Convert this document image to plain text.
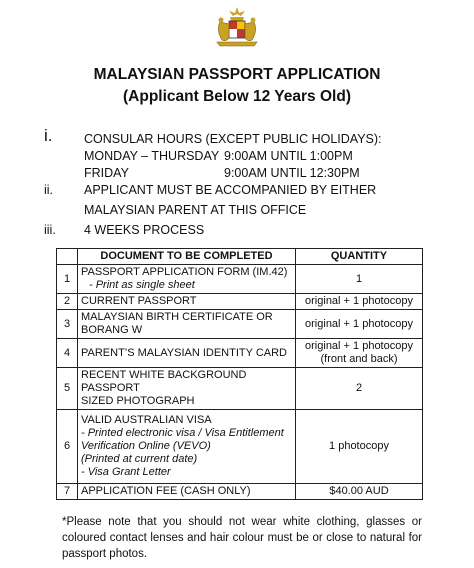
MALAYSIAN PASSPORT APPLICATION
(Applicant Below 12 Years Old)
i.	CONSULAR HOURS (EXCEPT PUBLIC HOLIDAYS):
MONDAY – THURSDAY 9:00AM UNTIL 1:00PM
FRIDAY	9:00AM UNTIL 12:30PM
ii. APPLICANT MUST BE ACCOMPANIED BY EITHER
MALAYSIAN PARENT AT THIS OFFICE
iii. 4 WEEKS PROCESS
	DOCUMENT TO BE COMPLETED	QUANTITY
1	PASSPORT APPLICATION FORM (IM.42)
- Print as single sheet	1
2	CURRENT PASSPORT	original + 1 photocopy
3	MALAYSIAN BIRTH CERTIFICATE OR
BORANG W	original + 1 photocopy
4	PARENT’S MALAYSIAN IDENTITY CARD	original + 1 photocopy
(front and back)

5	RECENT WHITE BACKGROUND PASSPORT
SIZED PHOTOGRAPH	2
6	VALID AUSTRALIAN VISA
- Printed electronic visa / Visa Entitlement
Verification Online (VEVO)
(Printed at current date)
- Visa Grant Letter	1 photocopy
7	APPLICATION FEE (CASH ONLY)	$40.00 AUD
*Please note that you should not wear white clothing, glasses or coloured contact lenses and hair colour must be or close to natural for passport photos.
